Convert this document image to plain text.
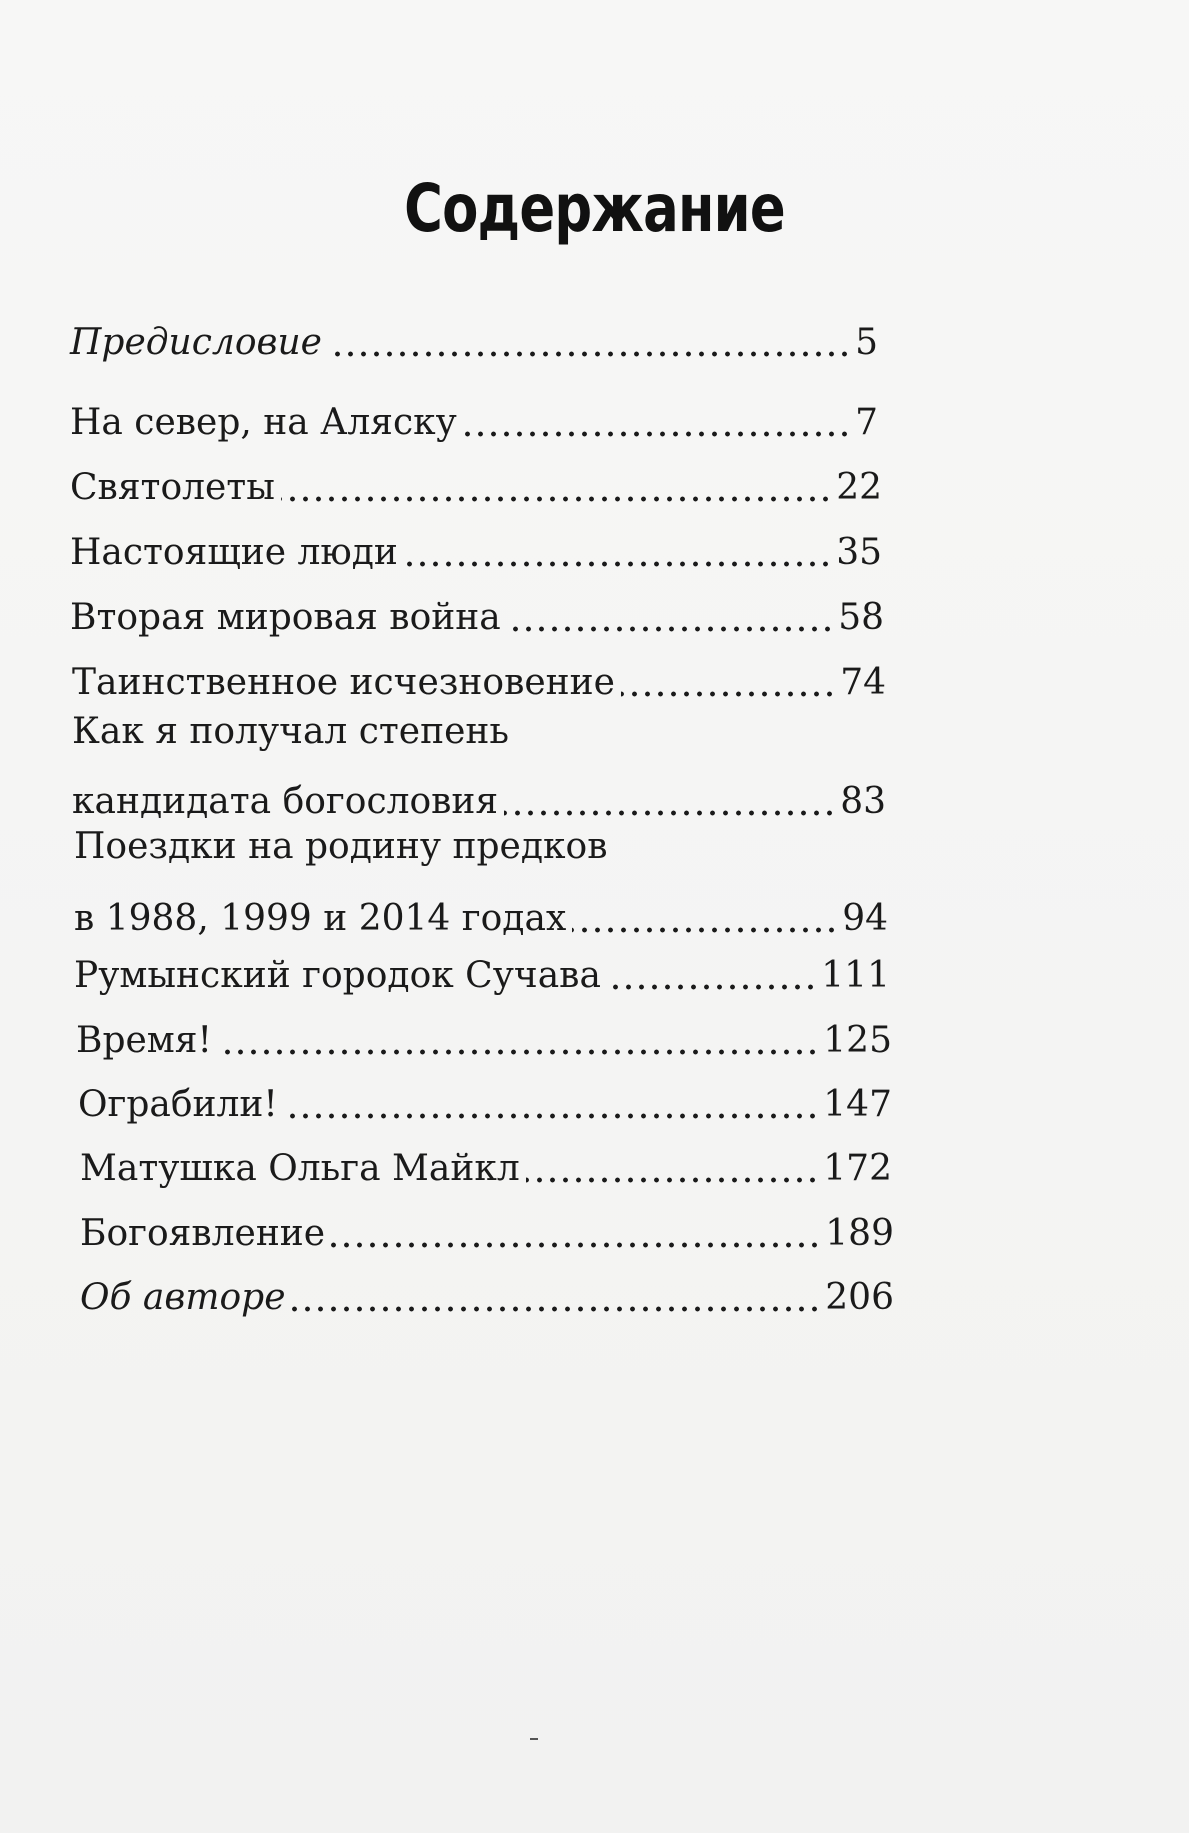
Содержание
Предисловие	5
На север, на Аляску	7
Святолеты	22
Настоящие люди	35
Вторая мировая война	58
Таинственное исчезновение	74
Как я получал степень
кандидата богословия	83
Поездки на родину предков
в 1988, 1999 и 2014 годах	94
Румынский городок Сучава	111
Время!	125
Ограбили!	147
Матушка Ольга Майкл	172
Богоявление	189
Об авторе	206
